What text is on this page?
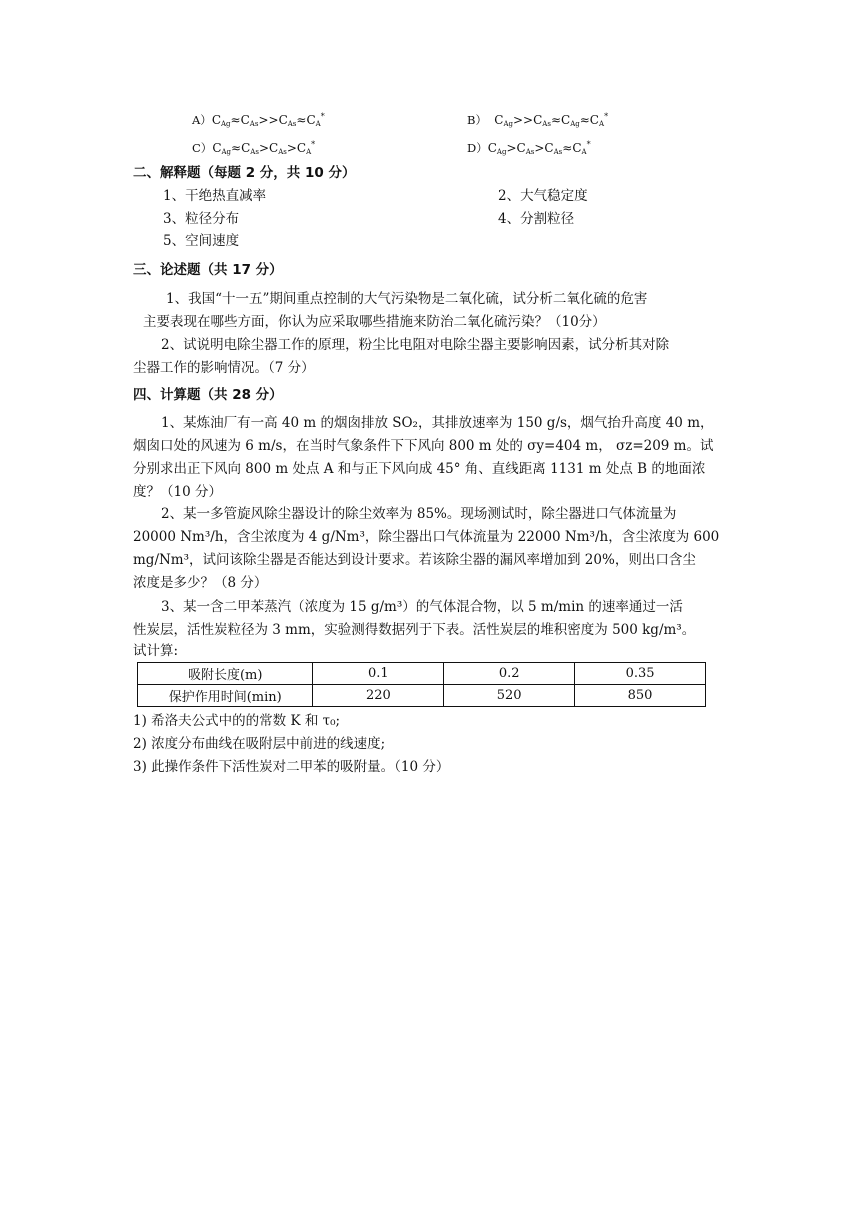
$A)C_{Ag}\approx C_{As}>>C_{As}\approx C_A^*$	B） $C_{Ag}>>C_{As}\approx C_{Ag}\approx C_A^*$
$C)C_{Ag}\approx C_{As}>C_{As}>C_A^*$	$D)C_{Ag}>C_{As}>C_{As}\approx C_A^*$
二、解释题（每题 2 分，共 10 分）
1、干绝热直减率	2、大气稳定度
3、粒径分布	4、分割粒径
5、空间速度
三、论述题（共 17 分）
1、我国“十一五”期间重点控制的大气污染物是二氧化硫，试分析二氧化硫的危害
主要表现在哪些方面，你认为应采取哪些措施来防治二氧化硫污染？（10分）
2、试说明电除尘器工作的原理，粉尘比电阻对电除尘器主要影响因素，试分析其对除
尘器工作的影响情况。（7 分）
四、计算题（共 28 分）
1、某炼油厂有一高 40 m 的烟囱排放 SO₂，其排放速率为 150 g/s，烟气抬升高度 40 m，
烟囱口处的风速为 6 m/s，在当时气象条件下下风向 800 m 处的 σy=404 m， σz=209 m。试
分别求出正下风向 800 m 处点 A 和与正下风向成 45° 角、直线距离 1131 m 处点 B 的地面浓
度？（10 分）
2、某一多管旋风除尘器设计的除尘效率为 85%。现场测试时，除尘器进口气体流量为
20000 Nm³/h，含尘浓度为 4 g/Nm³，除尘器出口气体流量为 22000 Nm³/h，含尘浓度为 600
mg/Nm³，试问该除尘器是否能达到设计要求。若该除尘器的漏风率增加到 20%，则出口含尘
浓度是多少？（8 分）
3、某一含二甲苯蒸汽（浓度为 15 g/m³）的气体混合物，以 5 m/min 的速率通过一活
性炭层，活性炭粒径为 3 mm，实验测得数据列于下表。活性炭层的堆积密度为 500 kg/m³。
试计算:
吸附长度(m)	0.1	0.2	0.35
保护作用时间(min)	220	520	850
1) 希洛夫公式中的的常数 K 和 τ₀;
2) 浓度分布曲线在吸附层中前进的线速度;
3) 此操作条件下活性炭对二甲苯的吸附量。（10 分）
